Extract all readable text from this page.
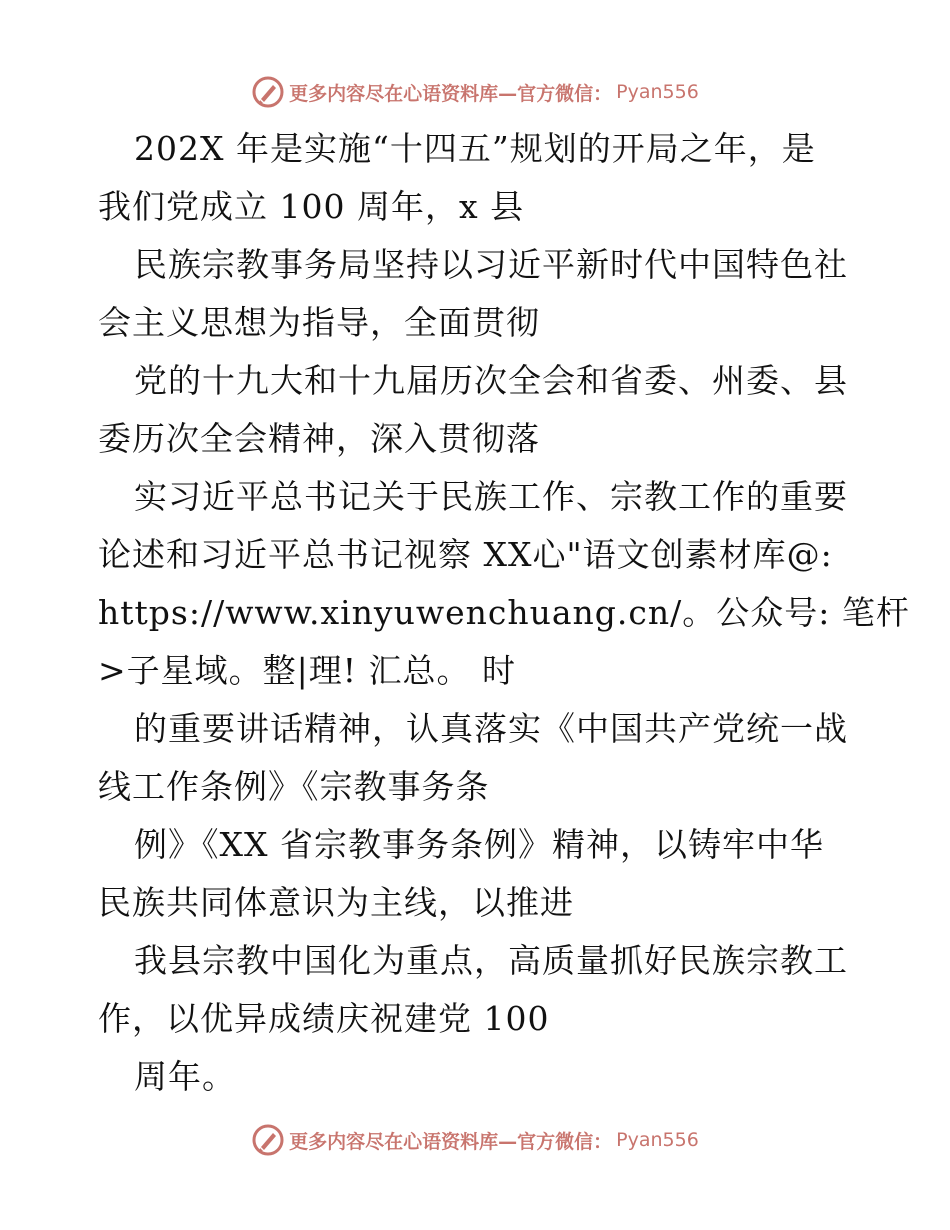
更多内容尽在心语资料库—官方微信： Pyan556
202X 年是实施“十四五”规划的开局之年，是
我们党成立 100 周年，x 县
民族宗教事务局坚持以习近平新时代中国特色社
会主义思想为指导，全面贯彻
党的十九大和十九届历次全会和省委、州委、县
委历次全会精神，深入贯彻落
实习近平总书记关于民族工作、宗教工作的重要
论述和习近平总书记视察 XX心"语文创素材库@:
https://www.xinyuwenchuang.cn/。公众号: 笔杆
>子星域。整|理! 汇总。 时
的重要讲话精神，认真落实《中国共产党统一战
线工作条例》《宗教事务条
例》《XX 省宗教事务条例》精神，以铸牢中华
民族共同体意识为主线，以推进
我县宗教中国化为重点，高质量抓好民族宗教工
作，以优异成绩庆祝建党 100
周年。
更多内容尽在心语资料库—官方微信： Pyan556
